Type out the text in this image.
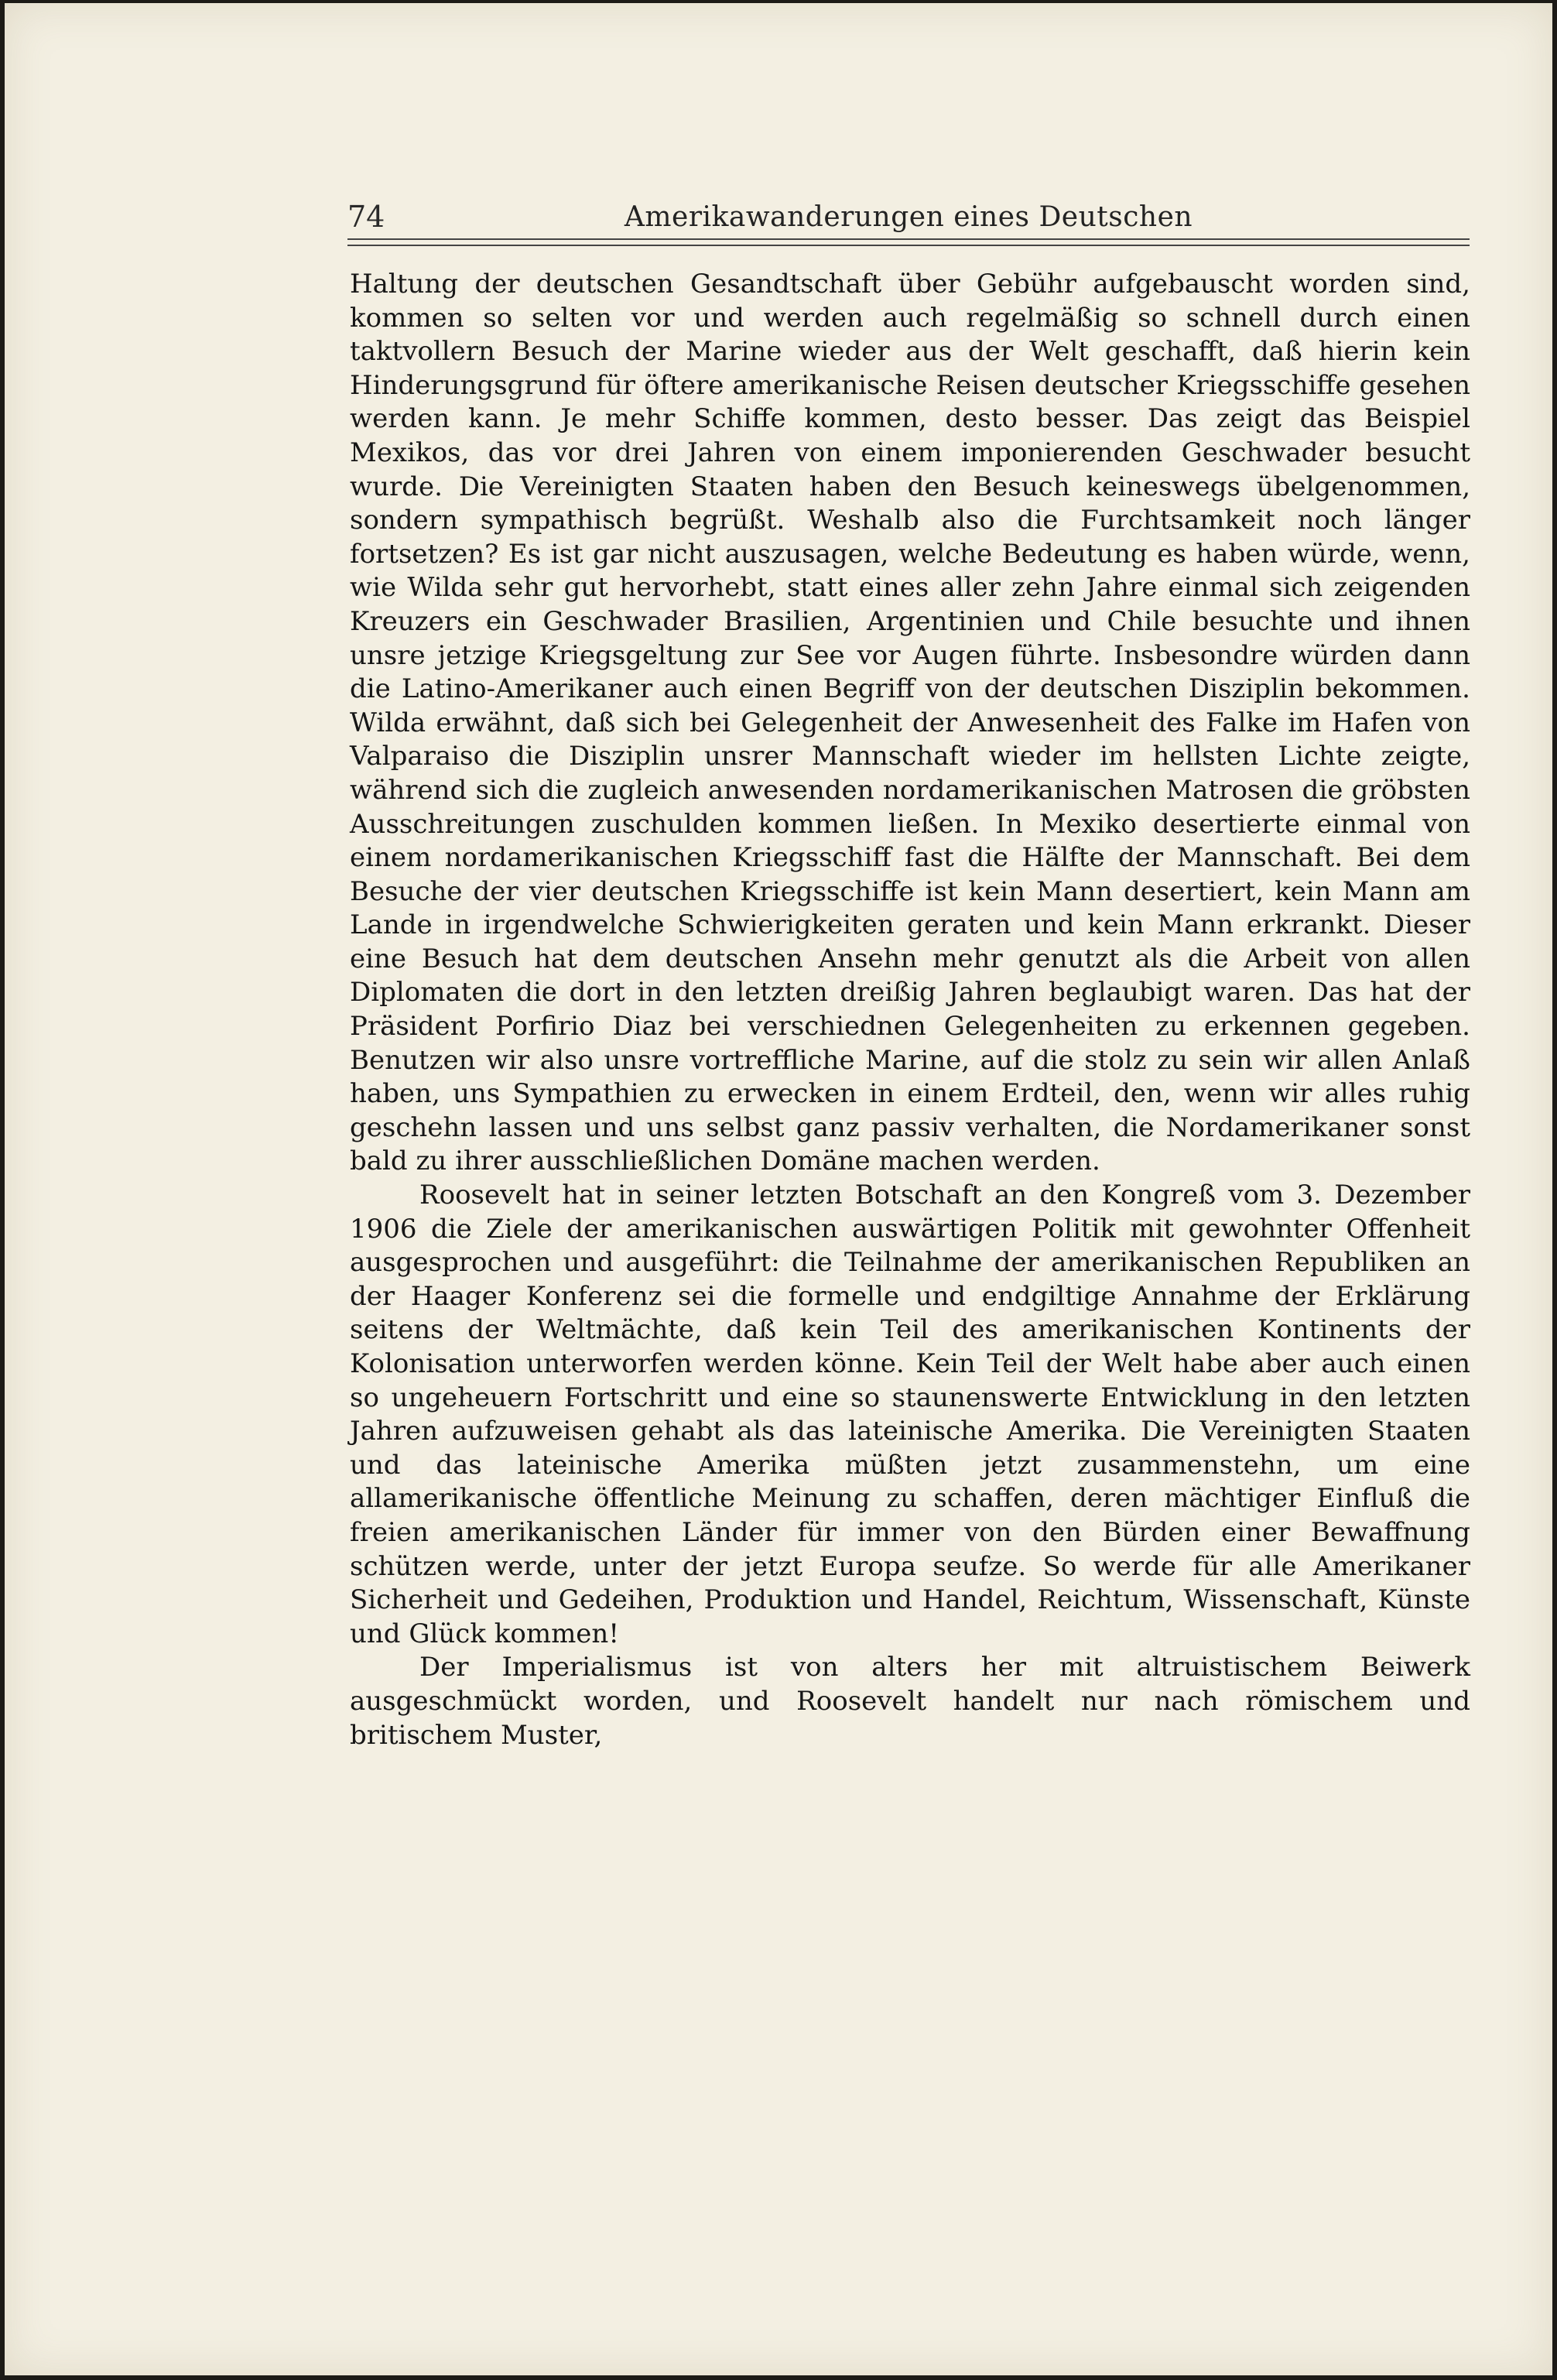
74	Amerikawanderungen eines Deutschen

Haltung der deutschen Gesandtschaft über Gebühr aufgebauscht worden sind, kommen so selten vor und werden auch regelmäßig so schnell durch einen taktvollern Besuch der Marine wieder aus der Welt geschafft, daß hierin kein Hinderungsgrund für öftere amerikanische Reisen deutscher Kriegsschiffe gesehen werden kann. Je mehr Schiffe kommen, desto besser. Das zeigt das Beispiel Mexikos, das vor drei Jahren von einem imponierenden Geschwader besucht wurde. Die Vereinigten Staaten haben den Besuch keineswegs übelgenommen, sondern sympathisch begrüßt. Weshalb also die Furchtsamkeit noch länger fortsetzen? Es ist gar nicht auszusagen, welche Bedeutung es haben würde, wenn, wie Wilda sehr gut hervorhebt, statt eines aller zehn Jahre einmal sich zeigenden Kreuzers ein Geschwader Brasilien, Argentinien und Chile besuchte und ihnen unsre jetzige Kriegsgeltung zur See vor Augen führte. Insbesondre würden dann die Latino-Amerikaner auch einen Begriff von der deutschen Disziplin bekommen. Wilda erwähnt, daß sich bei Gelegenheit der Anwesenheit des Falke im Hafen von Valparaiso die Disziplin unsrer Mannschaft wieder im hellsten Lichte zeigte, während sich die zugleich anwesenden nordamerikanischen Matrosen die gröbsten Ausschreitungen zuschulden kommen ließen. In Mexiko desertierte einmal von einem nordamerikanischen Kriegsschiff fast die Hälfte der Mannschaft. Bei dem Besuche der vier deutschen Kriegsschiffe ist kein Mann desertiert, kein Mann am Lande in irgendwelche Schwierigkeiten geraten und kein Mann erkrankt. Dieser eine Besuch hat dem deutschen Ansehn mehr genutzt als die Arbeit von allen Diplomaten die dort in den letzten dreißig Jahren beglaubigt waren. Das hat der Präsident Porfirio Diaz bei verschiednen Gelegenheiten zu erkennen gegeben. Benutzen wir also unsre vortreffliche Marine, auf die stolz zu sein wir allen Anlaß haben, uns Sympathien zu erwecken in einem Erdteil, den, wenn wir alles ruhig geschehn lassen und uns selbst ganz passiv verhalten, die Nordamerikaner sonst bald zu ihrer ausschließlichen Domäne machen werden.

Roosevelt hat in seiner letzten Botschaft an den Kongreß vom 3. Dezember 1906 die Ziele der amerikanischen auswärtigen Politik mit gewohnter Offenheit ausgesprochen und ausgeführt: die Teilnahme der amerikanischen Republiken an der Haager Konferenz sei die formelle und endgiltige Annahme der Erklärung seitens der Weltmächte, daß kein Teil des amerikanischen Kontinents der Kolonisation unterworfen werden könne. Kein Teil der Welt habe aber auch einen so ungeheuern Fortschritt und eine so staunenswerte Entwicklung in den letzten Jahren aufzuweisen gehabt als das lateinische Amerika. Die Vereinigten Staaten und das lateinische Amerika müßten jetzt zusammenstehn, um eine allamerikanische öffentliche Meinung zu schaffen, deren mächtiger Einfluß die freien amerikanischen Länder für immer von den Bürden einer Bewaffnung schützen werde, unter der jetzt Europa seufze. So werde für alle Amerikaner Sicherheit und Gedeihen, Produktion und Handel, Reichtum, Wissenschaft, Künste und Glück kommen!

Der Imperialismus ist von alters her mit altruistischem Beiwerk ausgeschmückt worden, und Roosevelt handelt nur nach römischem und britischem Muster,
